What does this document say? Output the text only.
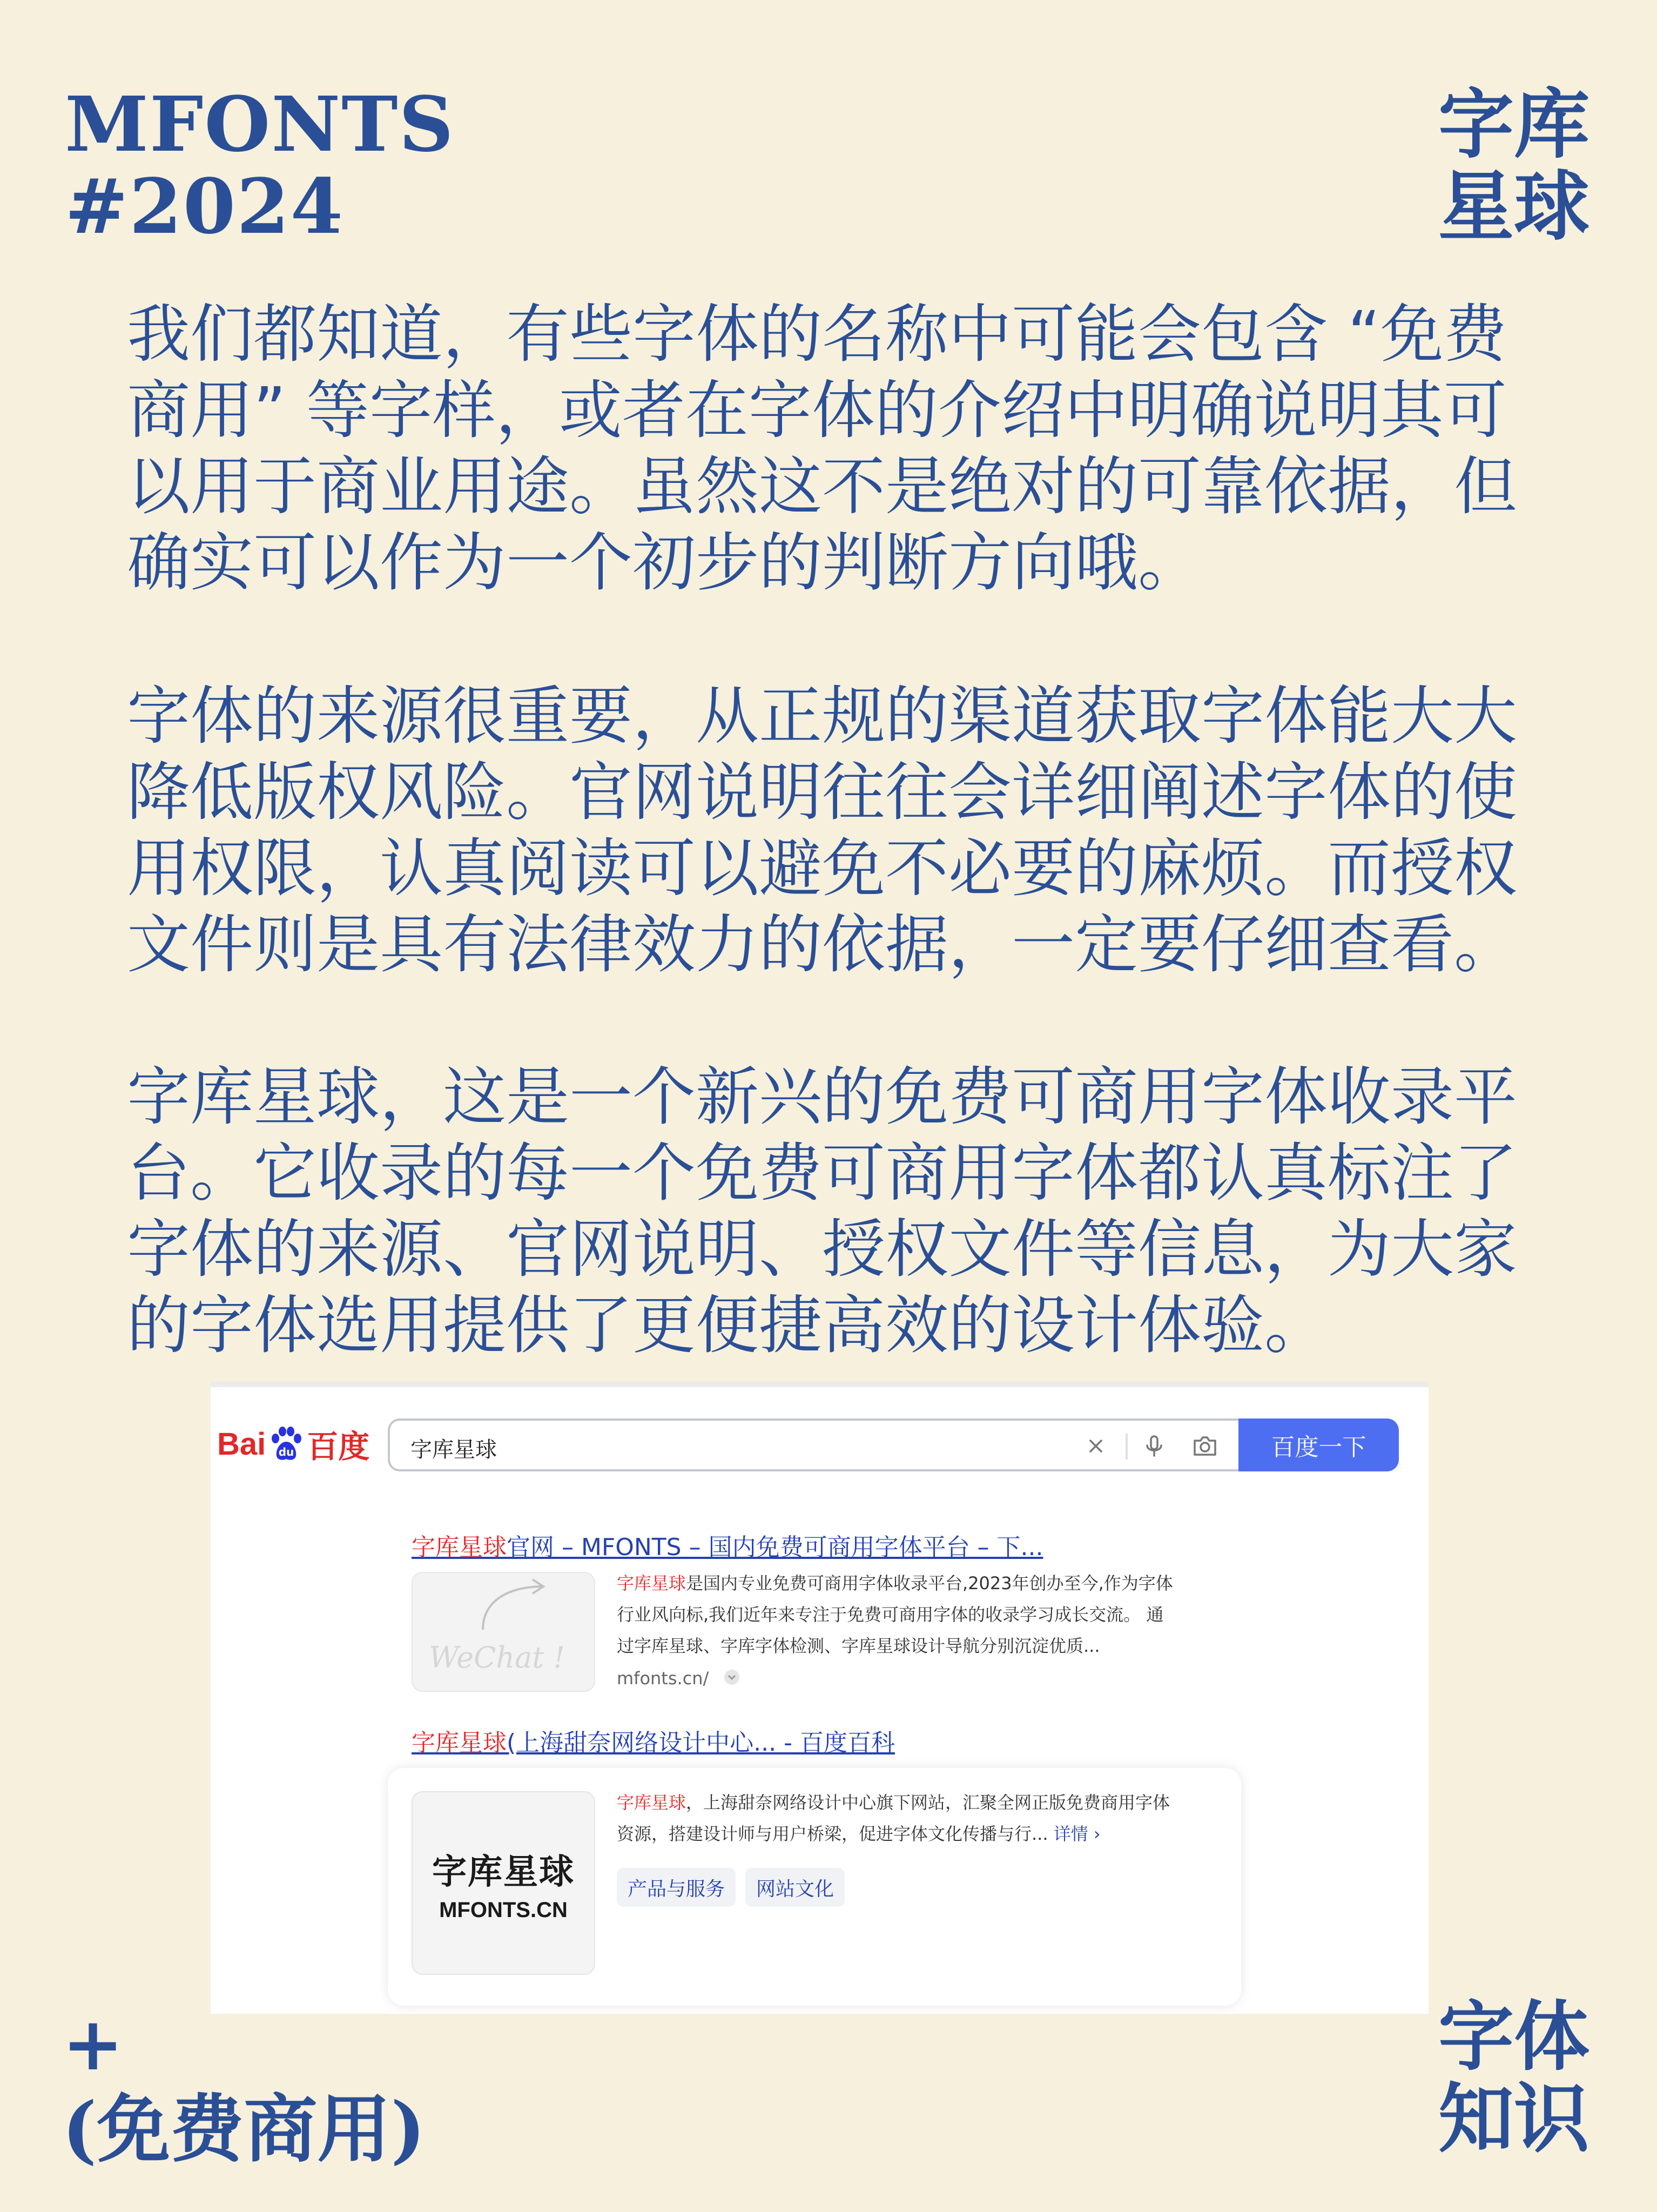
MFONTS
#2024
字库
星球
+
(免费商用)
字体
知识
我们都知道，有些字体的名称中可能会包含 “免费
商用” 等字样，或者在字体的介绍中明确说明其可
以用于商业用途。虽然这不是绝对的可靠依据，但
确实可以作为一个初步的判断方向哦。
字体的来源很重要，从正规的渠道获取字体能大大
降低版权风险。官网说明往往会详细阐述字体的使
用权限，认真阅读可以避免不必要的麻烦。而授权
文件则是具有法律效力的依据，一定要仔细查看。
字库星球，这是一个新兴的免费可商用字体收录平
台。它收录的每一个免费可商用字体都认真标注了
字体的来源、官网说明、授权文件等信息，为大家
的字体选用提供了更便捷高效的设计体验。
Bai du 百度 字库星球	百度一下
字库星球官网 – MFONTS – 国内免费可商用字体平台 – 下...
WeChat !
字库星球是国内专业免费可商用字体收录平台,2023年创办至今,作为字体
行业风向标,我们近年来专注于免费可商用字体的收录学习成长交流。 通
过字库星球、字库字体检测、字库星球设计导航分别沉淀优质...
mfonts.cn/
字库星球(上海甜奈网络设计中心... - 百度百科
字库星球
MFONTS.CN
字库星球，上海甜奈网络设计中心旗下网站，汇聚全网正版免费商用字体
资源，搭建设计师与用户桥梁，促进字体文化传播与行... 详情 ›
产品与服务	网站文化
